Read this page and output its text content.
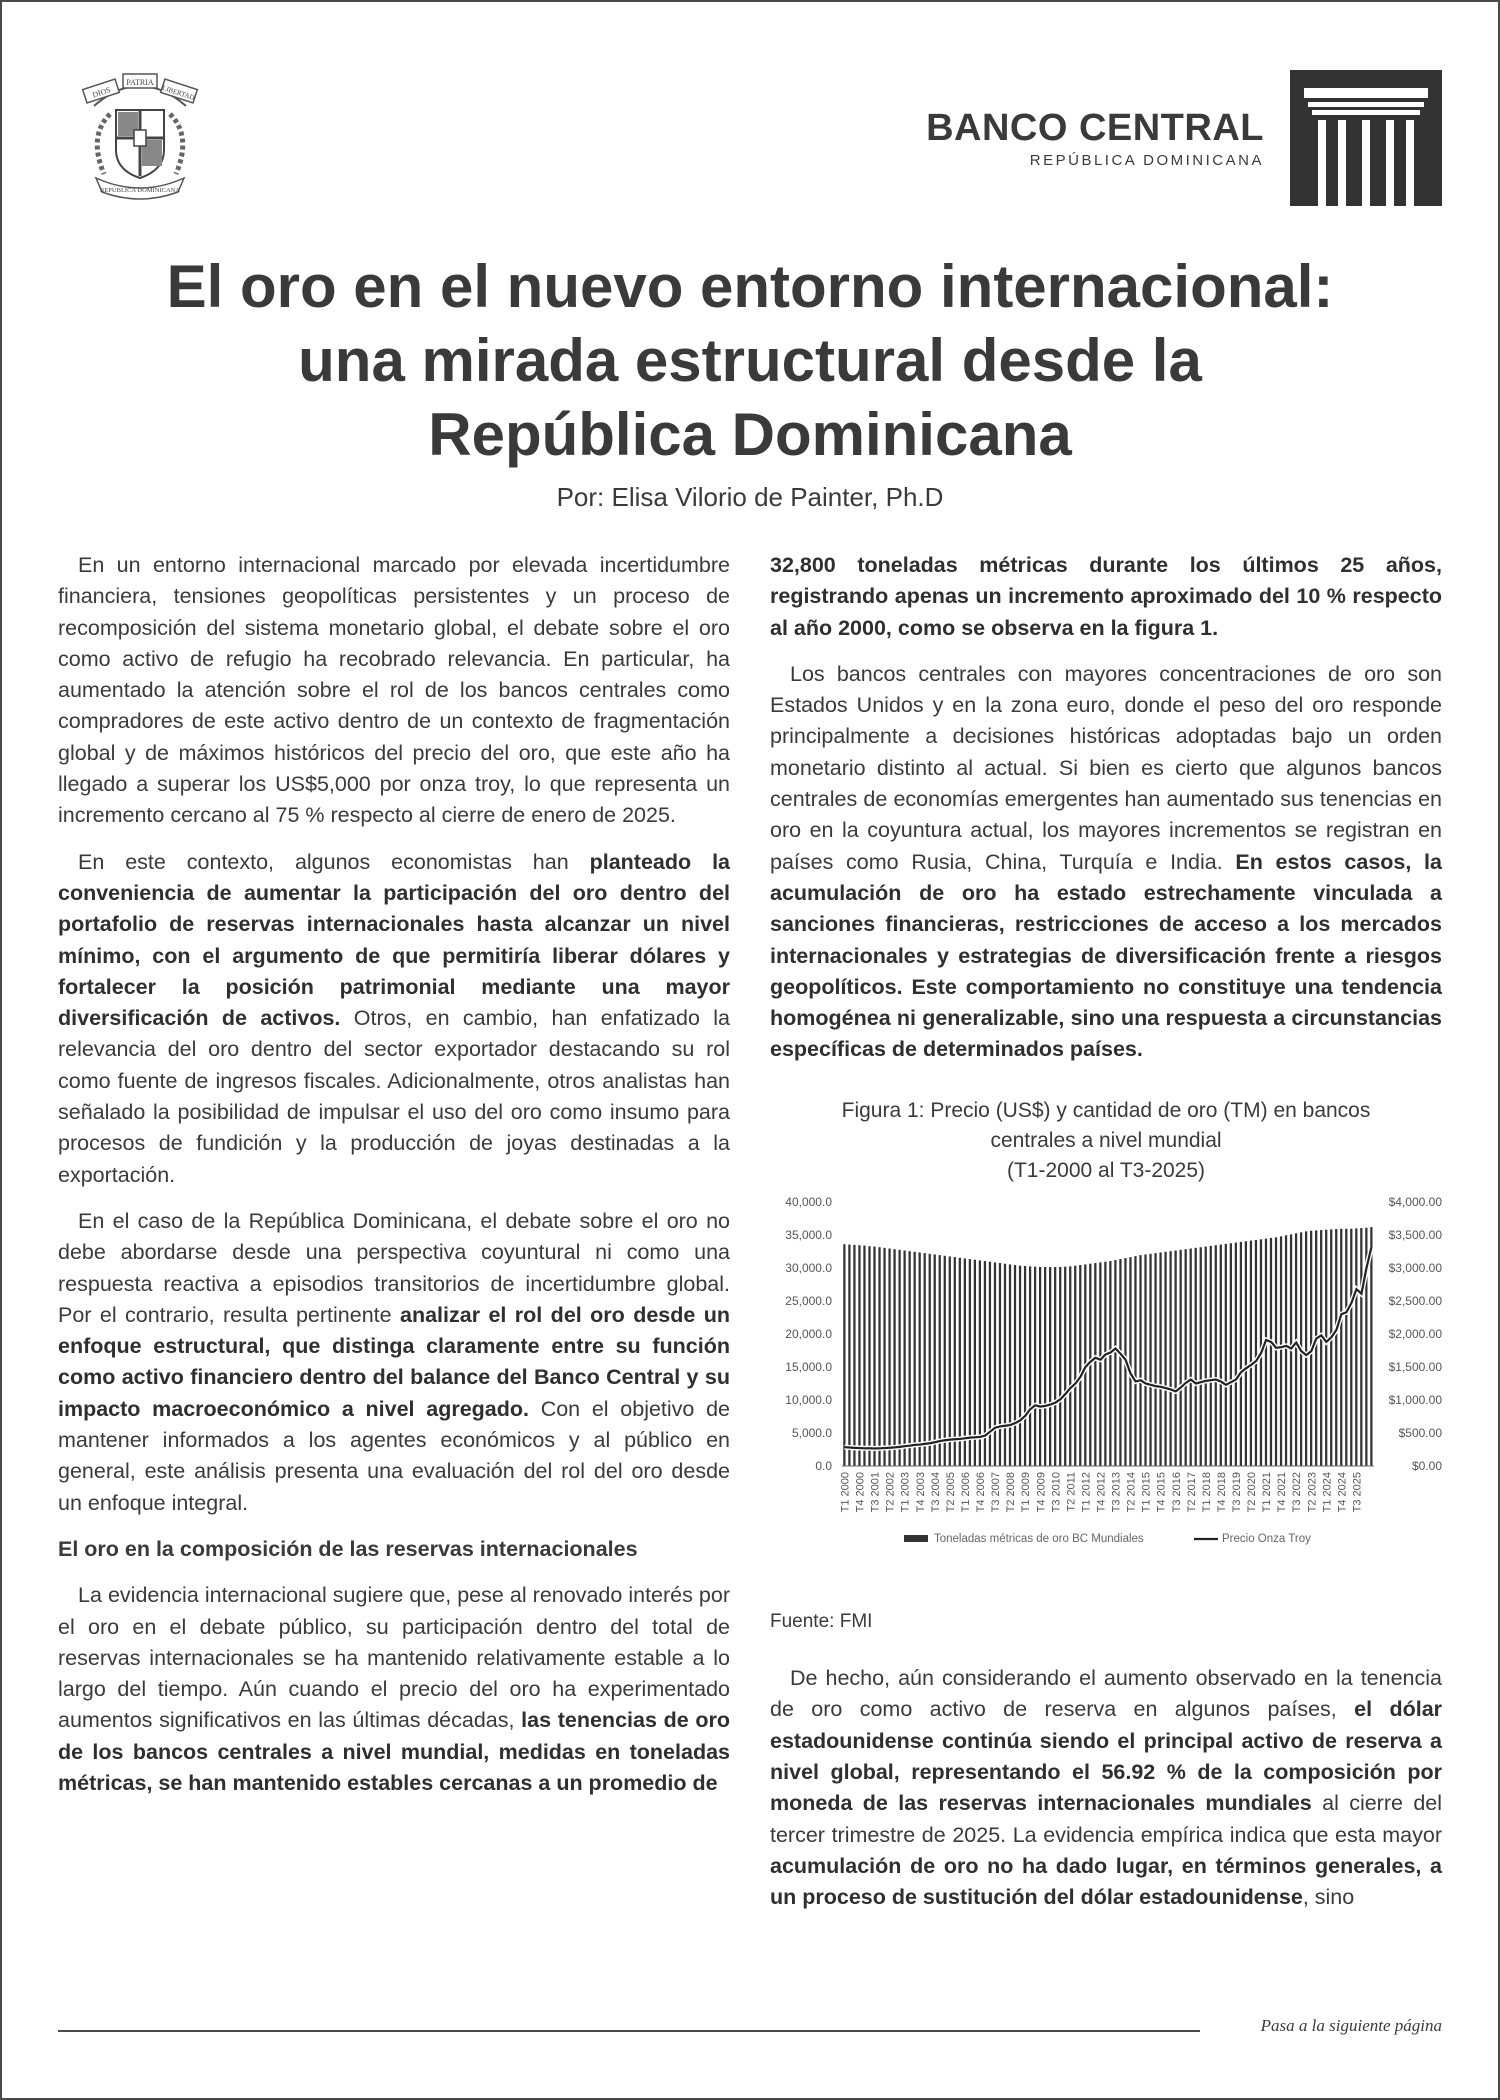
DIOS
PATRIA
LIBERTAD
REPÚBLICA DOMINICANA
BANCO CENTRAL
REPÚBLICA DOMINICANA
El oro en el nuevo entorno internacional:
una mirada estructural desde la
República Dominicana
Por: Elisa Vilorio de Painter, Ph.D

En un entorno internacional marcado por elevada incertidumbre financiera, tensiones geopolíticas persistentes y un proceso de recomposición del sistema monetario global, el debate sobre el oro como activo de refugio ha recobrado relevancia. En particular, ha aumentado la atención sobre el rol de los bancos centrales como compradores de este activo dentro de un contexto de fragmentación global y de máximos históricos del precio del oro, que este año ha llegado a superar los US$5,000 por onza troy, lo que representa un incremento cercano al 75 % respecto al cierre de enero de 2025.

En este contexto, algunos economistas han planteado la conveniencia de aumentar la participación del oro dentro del portafolio de reservas internacionales hasta alcanzar un nivel mínimo, con el argumento de que permitiría liberar dólares y fortalecer la posición patrimonial mediante una mayor diversificación de activos. Otros, en cambio, han enfatizado la relevancia del oro dentro del sector exportador destacando su rol como fuente de ingresos fiscales. Adicionalmente, otros analistas han señalado la posibilidad de impulsar el uso del oro como insumo para procesos de fundición y la producción de joyas destinadas a la exportación.

En el caso de la República Dominicana, el debate sobre el oro no debe abordarse desde una perspectiva coyuntural ni como una respuesta reactiva a episodios transitorios de incertidumbre global. Por el contrario, resulta pertinente analizar el rol del oro desde un enfoque estructural, que distinga claramente entre su función como activo financiero dentro del balance del Banco Central y su impacto macroeconómico a nivel agregado. Con el objetivo de mantener informados a los agentes económicos y al público en general, este análisis presenta una evaluación del rol del oro desde un enfoque integral.

El oro en la composición de las reservas internacionales

La evidencia internacional sugiere que, pese al renovado interés por el oro en el debate público, su participación dentro del total de reservas internacionales se ha mantenido relativamente estable a lo largo del tiempo. Aún cuando el precio del oro ha experimentado aumentos significativos en las últimas décadas, las tenencias de oro de los bancos centrales a nivel mundial, medidas en toneladas métricas, se han mantenido estables cercanas a un promedio de

32,800 toneladas métricas durante los últimos 25 años, registrando apenas un incremento aproximado del 10 % respecto al año 2000, como se observa en la figura 1.

Los bancos centrales con mayores concentraciones de oro son Estados Unidos y en la zona euro, donde el peso del oro responde principalmente a decisiones históricas adoptadas bajo un orden monetario distinto al actual. Si bien es cierto que algunos bancos centrales de economías emergentes han aumentado sus tenencias en oro en la coyuntura actual, los mayores incrementos se registran en países como Rusia, China, Turquía e India. En estos casos, la acumulación de oro ha estado estrechamente vinculada a sanciones financieras, restricciones de acceso a los mercados internacionales y estrategias de diversificación frente a riesgos geopolíticos. Este comportamiento no constituye una tendencia homogénea ni generalizable, sino una respuesta a circunstancias específicas de determinados países.

Figura 1: Precio (US$) y cantidad de oro (TM) en bancos
centrales a nivel mundial
(T1-2000 al T3-2025)
0.0
5,000.0
10,000.0
15,000.0
20,000.0
25,000.0
30,000.0
35,000.0
40,000.0
$0.00
$500.00
$1,000.00
$1,500.00
$2,000.00
$2,500.00
$3,000.00
$3,500.00
$4,000.00
T1 2000 T4 2000 T3 2001 T2 2002 T1 2003 T4 2003 T3 2004 T2 2005 T1 2006 T4 2006 T3 2007 T2 2008 T1 2009 T4 2009 T3 2010 T2 2011 T1 2012 T4 2012 T3 2013 T2 2014 T1 2015 T4 2015 T3 2016 T2 2017 T1 2018 T4 2018 T3 2019 T2 2020 T1 2021 T4 2021 T3 2022 T2 2023 T1 2024 T4 2024 T3 2025
Toneladas métricas de oro BC Mundiales	Precio Onza Troy
Fuente: FMI

De hecho, aún considerando el aumento observado en la tenencia de oro como activo de reserva en algunos países, el dólar estadounidense continúa siendo el principal activo de reserva a nivel global, representando el 56.92 % de la composición por moneda de las reservas internacionales mundiales al cierre del tercer trimestre de 2025. La evidencia empírica indica que esta mayor acumulación de oro no ha dado lugar, en términos generales, a un proceso de sustitución del dólar estadounidense, sino

Pasa a la siguiente página
